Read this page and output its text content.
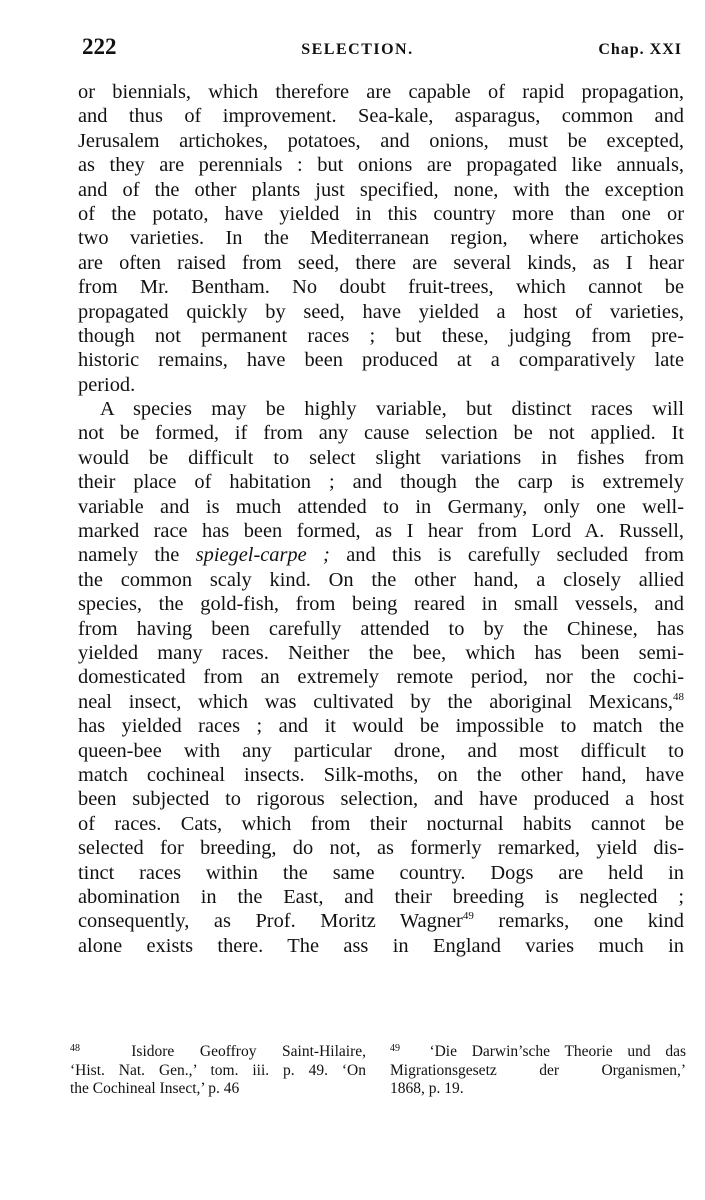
222	SELECTION.	Chap. XXI
or biennials, which therefore are capable of rapid propagation,
and thus of improvement. Sea-kale, asparagus, common and
Jerusalem artichokes, potatoes, and onions, must be excepted,
as they are perennials : but onions are propagated like annuals,
and of the other plants just specified, none, with the exception
of the potato, have yielded in this country more than one or
two varieties. In the Mediterranean region, where artichokes
are often raised from seed, there are several kinds, as I hear
from Mr. Bentham. No doubt fruit-trees, which cannot be
propagated quickly by seed, have yielded a host of varieties,
though not permanent races ; but these, judging from pre-
historic remains, have been produced at a comparatively late
period.
A species may be highly variable, but distinct races will
not be formed, if from any cause selection be not applied. It
would be difficult to select slight variations in fishes from
their place of habitation ; and though the carp is extremely
variable and is much attended to in Germany, only one well-
marked race has been formed, as I hear from Lord A. Russell,
namely the spiegel-carpe ; and this is carefully secluded from
the common scaly kind. On the other hand, a closely allied
species, the gold-fish, from being reared in small vessels, and
from having been carefully attended to by the Chinese, has
yielded many races. Neither the bee, which has been semi-
domesticated from an extremely remote period, nor the cochi-
neal insect, which was cultivated by the aboriginal Mexicans,$^{48}$
has yielded races ; and it would be impossible to match the
queen-bee with any particular drone, and most difficult to
match cochineal insects. Silk-moths, on the other hand, have
been subjected to rigorous selection, and have produced a host
of races. Cats, which from their nocturnal habits cannot be
selected for breeding, do not, as formerly remarked, yield dis-
tinct races within the same country. Dogs are held in
abomination in the East, and their breeding is neglected ;
consequently, as Prof. Moritz Wagner$^{49}$ remarks, one kind
alone exists there. The ass in England varies much in
$^{48}$	Isidore Geoffroy Saint-Hilaire,
‘Hist. Nat. Gen.,’ tom. iii. p. 49. ‘On
the Cochineal Insect,’ p. 46
$^{49}$ ‘Die Darwin’sche Theorie und das
Migrationsgesetz der Organismen,’
1868, p. 19.
